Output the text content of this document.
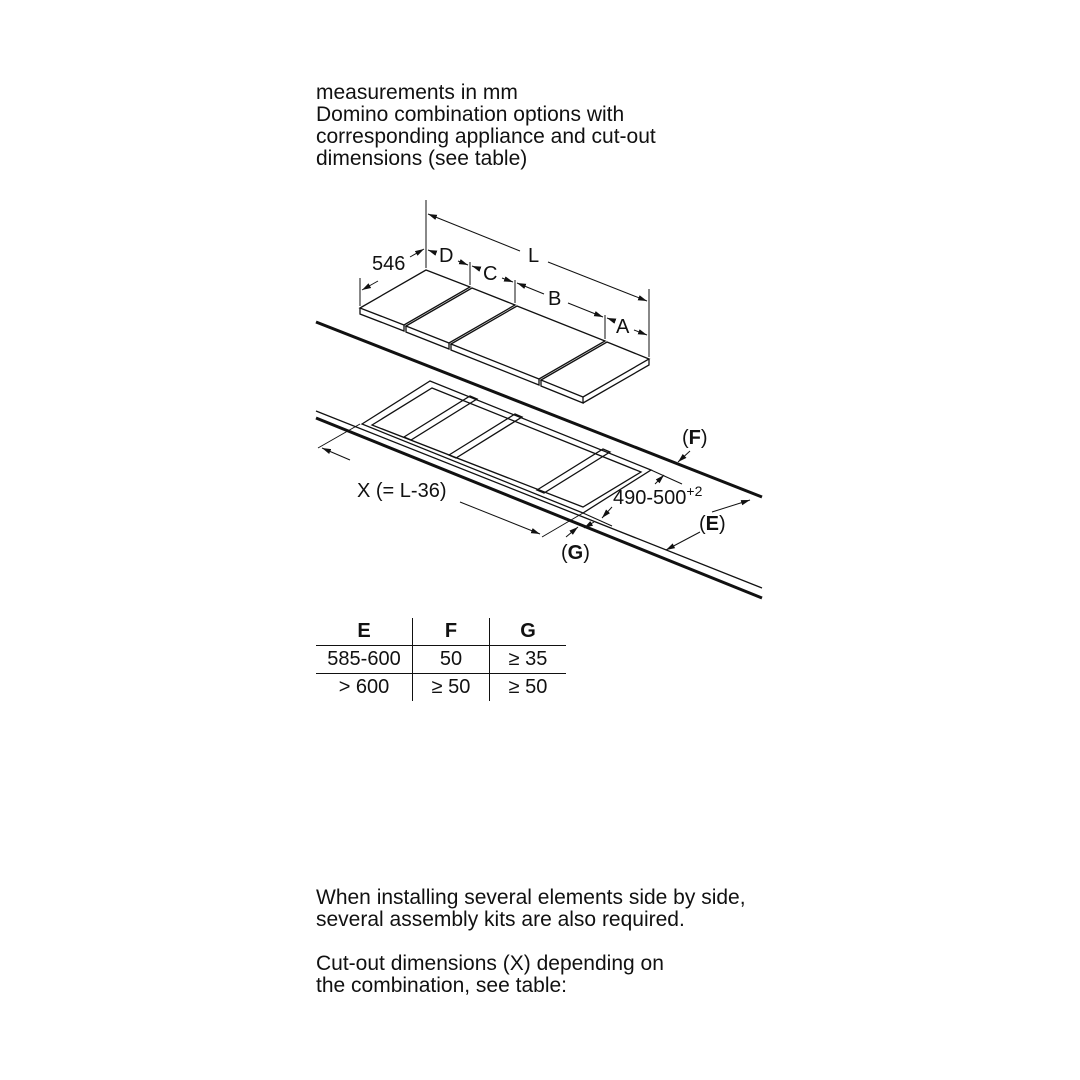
measurements in mm
Domino combination options with
corresponding appliance and cut-out
dimensions (see table)
546 D
C
L
B
A
(F)
$490-500^{+2}$
(E)
X (= L-36)
(G)
E	F	G
585-600	50	≥ 35
> 600	≥ 50	≥ 50
When installing several elements side by side,
several assembly kits are also required.
Cut-out dimensions (X) depending on
the combination, see table:
